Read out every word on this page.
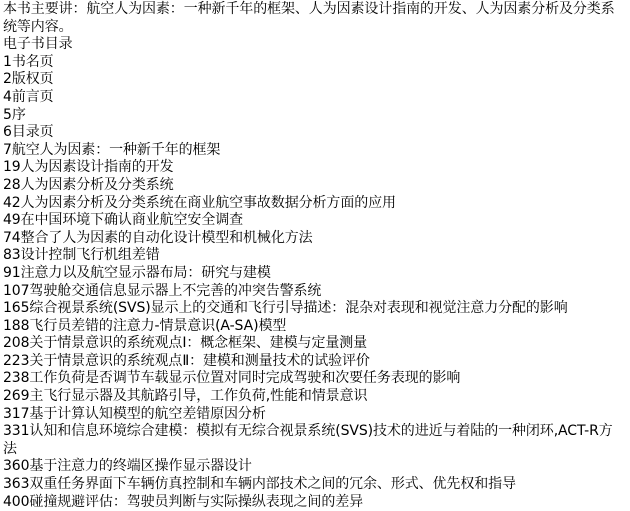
本书主要讲：航空人为因素：一种新千年的框架、人为因素设计指南的开发、人为因素分析及分类系统等内容。
电子书目录
1书名页
2版权页
4前言页
5序
6目录页
7航空人为因素：一种新千年的框架
19人为因素设计指南的开发
28人为因素分析及分类系统
42人为因素分析及分类系统在商业航空事故数据分析方面的应用
49在中国环境下确认商业航空安全调查
74整合了人为因素的自动化设计模型和机械化方法
83设计控制飞行机组差错
91注意力以及航空显示器布局：研究与建模
107驾驶舱交通信息显示器上不完善的冲突告警系统
165综合视景系统(SVS)显示上的交通和飞行引导描述：混杂对表现和视觉注意力分配的影响
188飞行员差错的注意力-情景意识(A-SA)模型
208关于情景意识的系统观点Ⅰ：概念框架、建模与定量测量
223关于情景意识的系统观点Ⅱ：建模和测量技术的试验评价
238工作负荷是否调节车载显示位置对同时完成驾驶和次要任务表现的影响
269主飞行显示器及其航路引导，工作负荷,性能和情景意识
317基于计算认知模型的航空差错原因分析
331认知和信息环境综合建模：模拟有无综合视景系统(SVS)技术的进近与着陆的一种闭环,ACT-R方法
360基于注意力的终端区操作显示器设计
363双重任务界面下车辆仿真控制和车辆内部技术之间的冗余、形式、优先权和指导
400碰撞规避评估：驾驶员判断与实际操纵表现之间的差异
